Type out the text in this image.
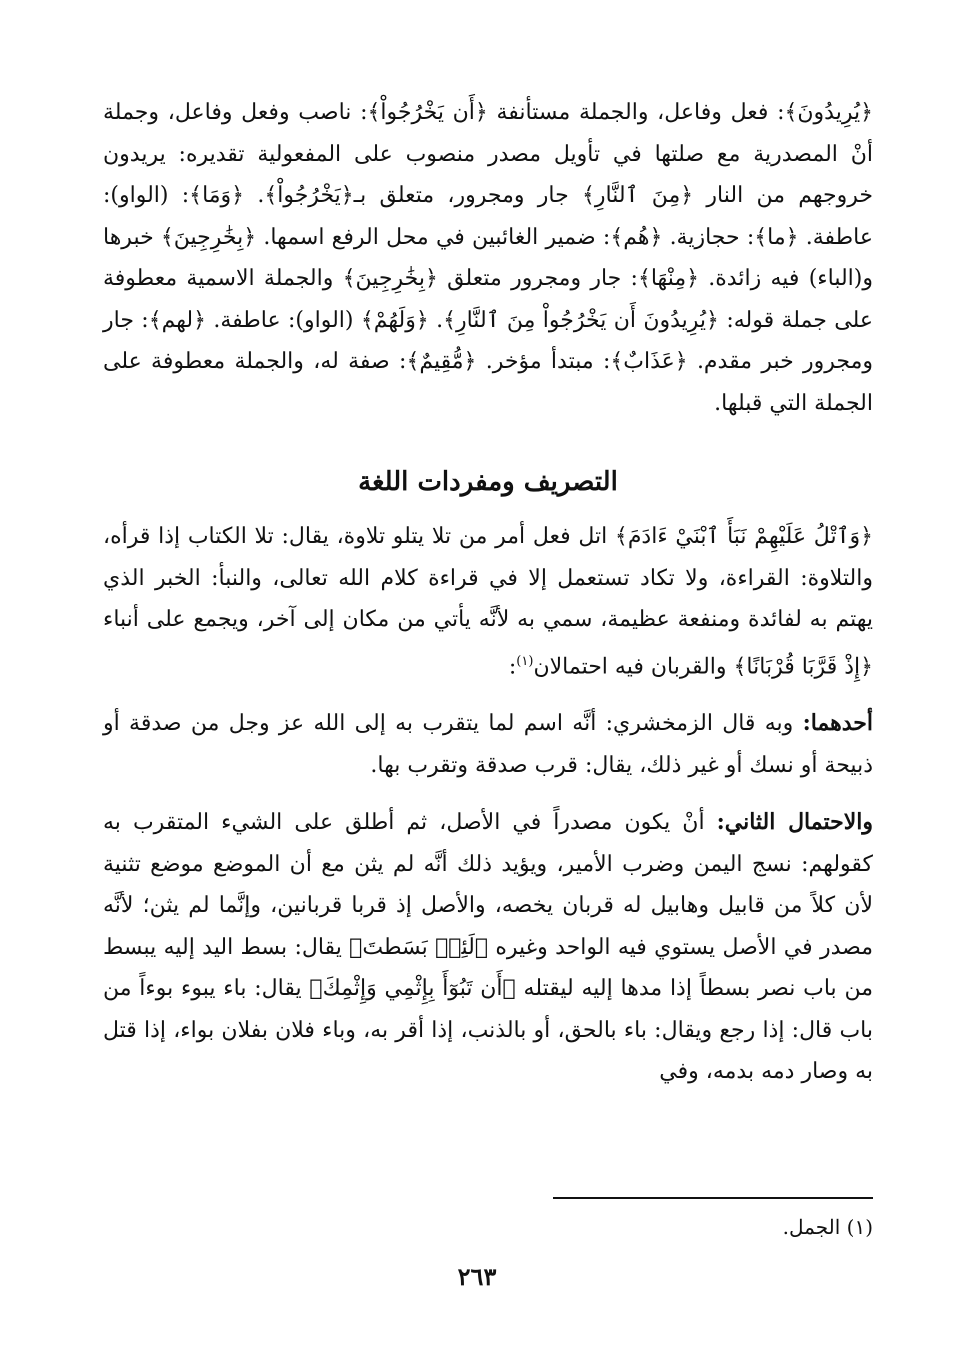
﴿يُرِيدُونَ﴾: فعل وفاعل، والجملة مستأنفة ﴿أَن يَخْرُجُواْ﴾: ناصب وفعل وفاعل، وجملة أنْ المصدرية مع صلتها في تأويل مصدر منصوب على المفعولية تقديره: يريدون خروجهم من النار ﴿مِنَ ٱلنَّارِ﴾ جار ومجرور، متعلق بـ﴿يَخْرُجُواْ﴾. ﴿وَمَا﴾: (الواو): عاطفة. ﴿ما﴾: حجازية. ﴿هُم﴾: ضمير الغائبين في محل الرفع اسمها. ﴿بِخَٰرِجِينَ﴾ خبرها و(الباء) فيه زائدة. ﴿مِنْهَا﴾: جار ومجرور متعلق ﴿بِخَٰرِجِينَ﴾ والجملة الاسمية معطوفة على جملة قوله: ﴿يُرِيدُونَ أَن يَخْرُجُواْ مِنَ ٱلنَّارِ﴾. ﴿وَلَهُمْ﴾ (الواو): عاطفة. ﴿لهم﴾: جار ومجرور خبر مقدم. ﴿عَذَابٌ﴾: مبتدأ مؤخر. ﴿مُّقِيمٌ﴾: صفة له، والجملة معطوفة على الجملة التي قبلها.

التصريف ومفردات اللغة

﴿وَٱتْلُ عَلَيْهِمْ نَبَأَ ٱبْنَيْ ءَادَمَ﴾ اتل فعل أمر من تلا يتلو تلاوة، يقال: تلا الكتاب إذا قرأه، والتلاوة: القراءة، ولا تكاد تستعمل إلا في قراءة كلام الله تعالى، والنبأ: الخبر الذي يهتم به لفائدة ومنفعة عظيمة، سمي به لأنَّه يأتي من مكان إلى آخر، ويجمع على أنباء ﴿إِذْ قَرَّبَا قُرْبَانًا﴾ والقربان فيه احتمالان$^{(١)}$:

أحدهما: وبه قال الزمخشري: أنَّه اسم لما يتقرب به إلى الله عز وجل من صدقة أو ذبيحة أو نسك أو غير ذلك، يقال: قرب صدقة وتقرب بها.

والاحتمال الثاني: أنْ يكون مصدراً في الأصل، ثم أطلق على الشيء المتقرب به كقولهم: نسج اليمن وضرب الأمير، ويؤيد ذلك أنَّه لم يثن مع أن الموضع موضع تثنية لأن كلاً من قابيل وهابيل له قربان يخصه، والأصل إذ قربا قربانين، وإنَّما لم يثن؛ لأنَّه مصدر في الأصل يستوي فيه الواحد وغيره ﴿لَئِنۢ بَسَطتَ﴾ يقال: بسط اليد إليه يبسط من باب نصر بسطاً إذا مدها إليه ليقتله ﴿أَن تَبُوٓأَ بِإِثْمِي وَإِثْمِكَ﴾ يقال: باء يبوء بوءاً من باب قال: إذا رجع ويقال: باء بالحق، أو بالذنب، إذا أقر به، وباء فلان بفلان بواء، إذا قتل به وصار دمه بدمه، وفي

(١) الجمل.
٢٦٣
